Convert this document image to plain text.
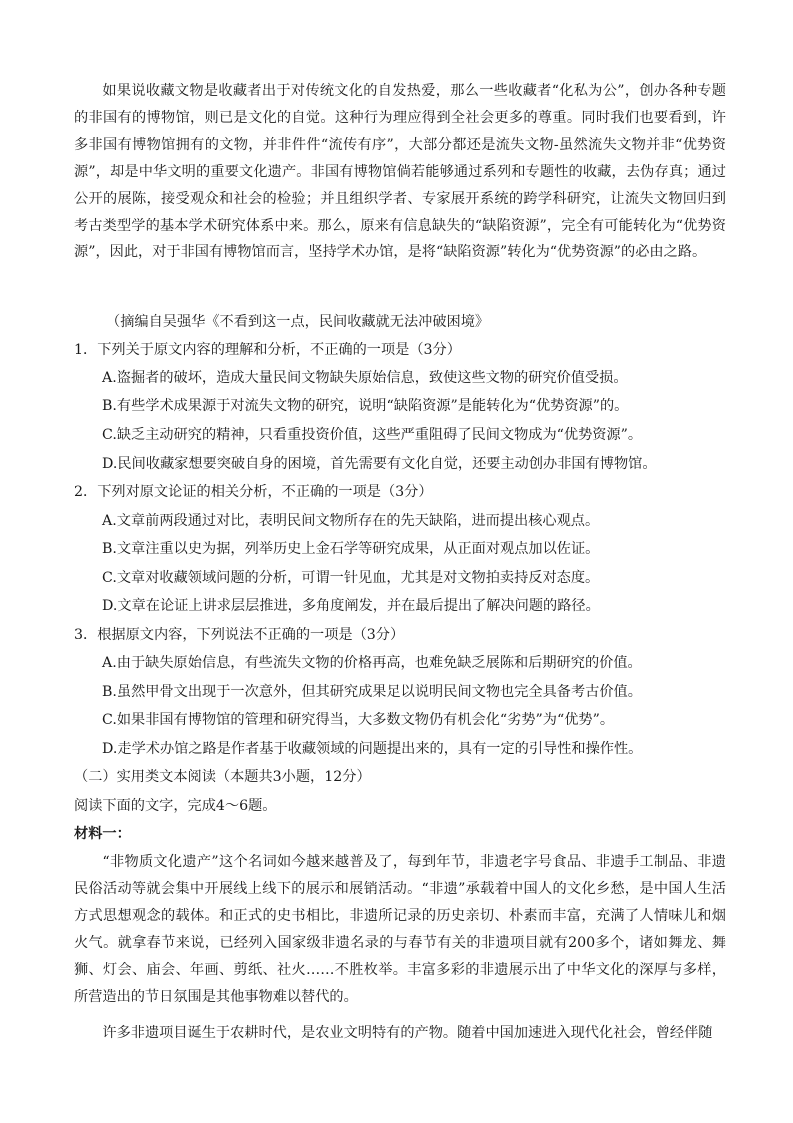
如果说收藏文物是收藏者出于对传统文化的自发热爱，那么一些收藏者“化私为公”，创办各种专题的非国有的博物馆，则已是文化的自觉。这种行为理应得到全社会更多的尊重。同时我们也要看到，许多非国有博物馆拥有的文物，并非件件“流传有序”，大部分都还是流失文物-虽然流失文物并非“优势资源”，却是中华文明的重要文化遗产。非国有博物馆倘若能够通过系列和专题性的收藏，去伪存真；通过公开的展陈，接受观众和社会的检验；并且组织学者、专家展开系统的跨学科研究，让流失文物回归到考古类型学的基本学术研究体系中来。那么，原来有信息缺失的“缺陷资源”，完全有可能转化为“优势资源”，因此，对于非国有博物馆而言，坚持学术办馆，是将“缺陷资源”转化为“优势资源”的必由之路。

（摘编自吴强华《不看到这一点，民间收藏就无法冲破困境》
1．下列关于原文内容的理解和分析，不正确的一项是（3分）
A.盗掘者的破坏，造成大量民间文物缺失原始信息，致使这些文物的研究价值受损。
B.有些学术成果源于对流失文物的研究，说明“缺陷资源”是能转化为“优势资源”的。
C.缺乏主动研究的精神，只看重投资价值，这些严重阻碍了民间文物成为“优势资源”。
D.民间收藏家想要突破自身的困境，首先需要有文化自觉，还要主动创办非国有博物馆。
2．下列对原文论证的相关分析，不正确的一项是（3分）
A.文章前两段通过对比，表明民间文物所存在的先天缺陷，进而提出核心观点。
B.文章注重以史为据，列举历史上金石学等研究成果，从正面对观点加以佐证。
C.文章对收藏领域问题的分析，可谓一针见血，尤其是对文物拍卖持反对态度。
D.文章在论证上讲求层层推进，多角度阐发，并在最后提出了解决问题的路径。
3．根据原文内容，下列说法不正确的一项是（3分）
A.由于缺失原始信息，有些流失文物的价格再高，也难免缺乏展陈和后期研究的价值。
B.虽然甲骨文出现于一次意外，但其研究成果足以说明民间文物也完全具备考古价值。
C.如果非国有博物馆的管理和研究得当，大多数文物仍有机会化“劣势”为“优势”。
D.走学术办馆之路是作者基于收藏领域的问题提出来的，具有一定的引导性和操作性。
（二）实用类文本阅读（本题共3小题，12分）
阅读下面的文字，完成4～6题。
材料一：

“非物质文化遗产”这个名词如今越来越普及了，每到年节，非遗老字号食品、非遗手工制品、非遗民俗活动等就会集中开展线上线下的展示和展销活动。“非遗”承载着中国人的文化乡愁，是中国人生活方式思想观念的载体。和正式的史书相比，非遗所记录的历史亲切、朴素而丰富，充满了人情味儿和烟火气。就拿春节来说，已经列入国家级非遗名录的与春节有关的非遗项目就有200多个，诸如舞龙、舞狮、灯会、庙会、年画、剪纸、社火……不胜枚举。丰富多彩的非遗展示出了中华文化的深厚与多样，所营造出的节日氛围是其他事物难以替代的。

许多非遗项目诞生于农耕时代，是农业文明特有的产物。随着中国加速进入现代化社会，曾经伴随
